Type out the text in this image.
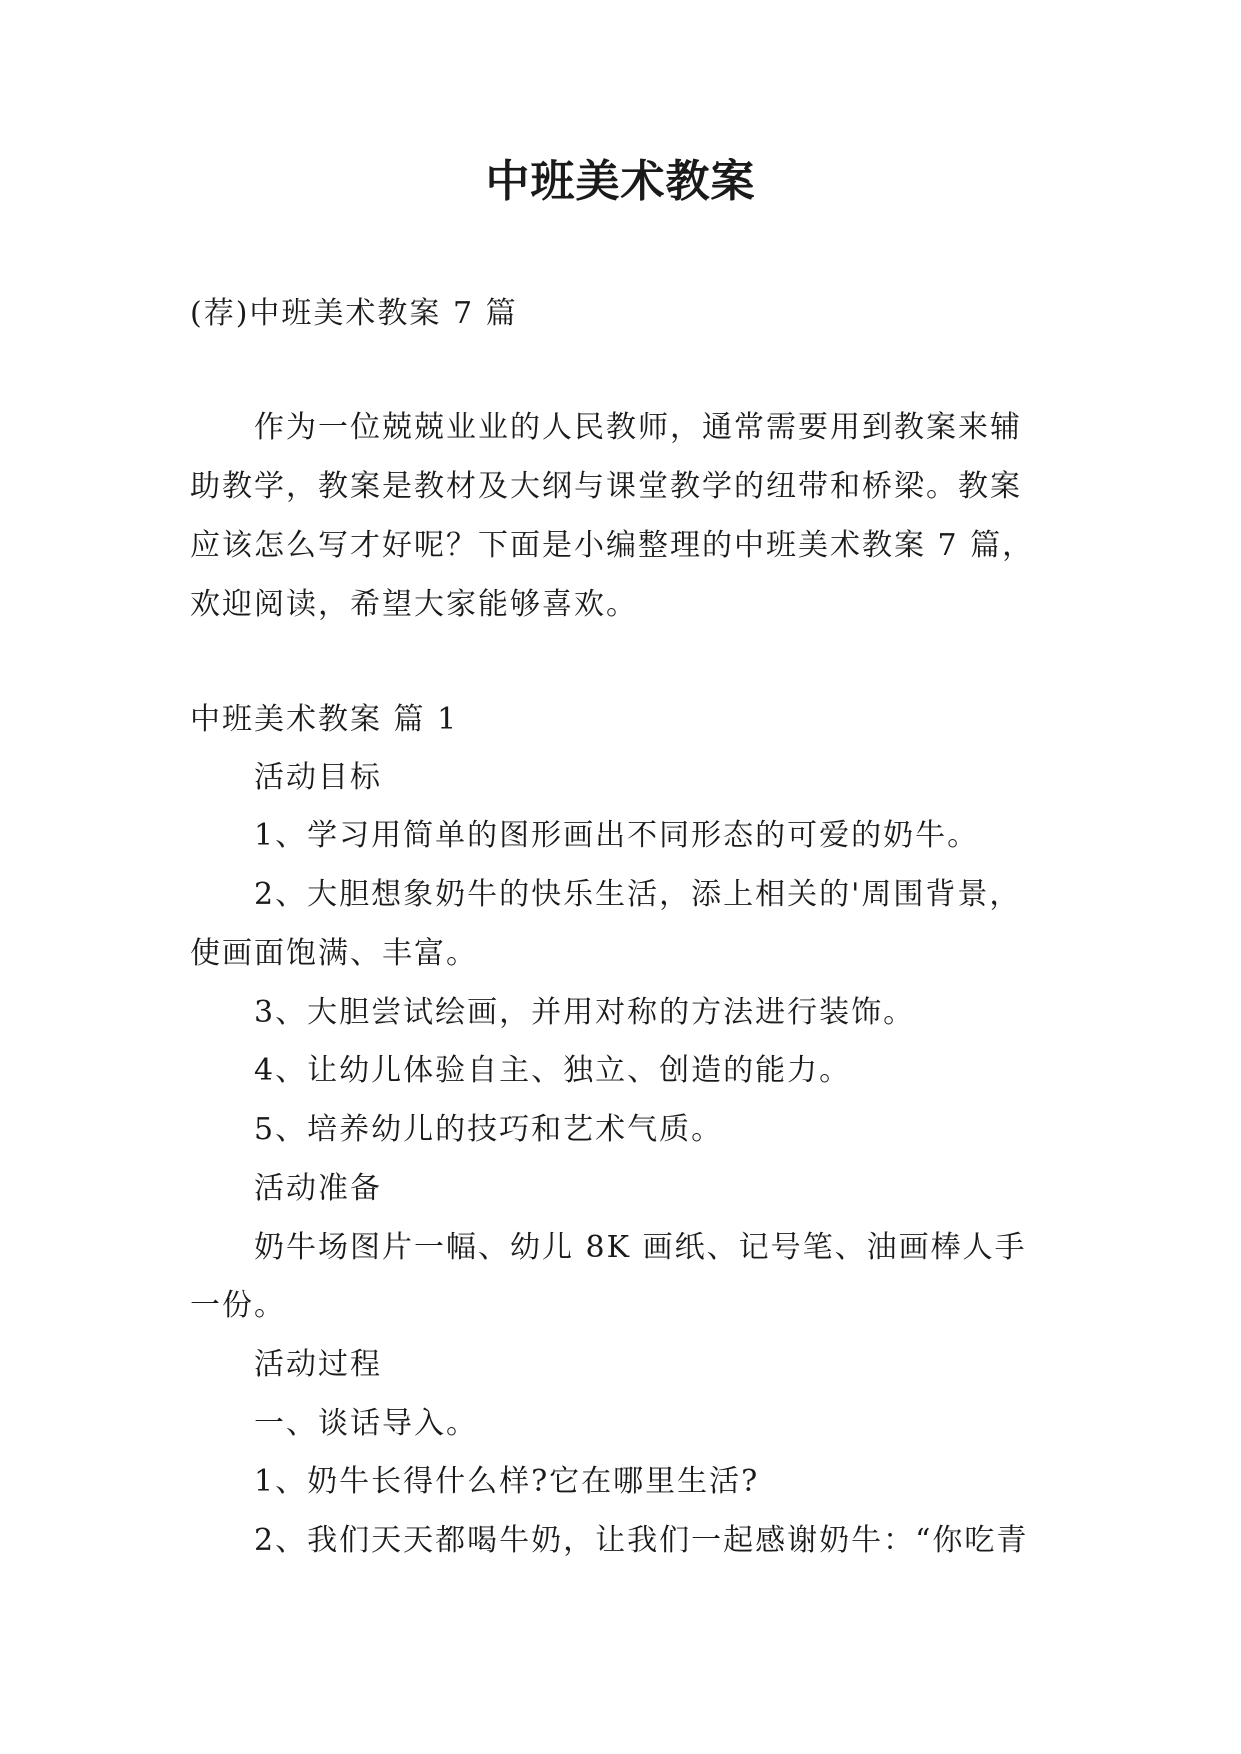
中班美术教案
(荐)中班美术教案 7 篇
作为一位兢兢业业的人民教师，通常需要用到教案来辅
助教学，教案是教材及大纲与课堂教学的纽带和桥梁。教案
应该怎么写才好呢？下面是小编整理的中班美术教案 7 篇，
欢迎阅读，希望大家能够喜欢。
中班美术教案 篇 1
活动目标
1、学习用简单的图形画出不同形态的可爱的奶牛。
2、大胆想象奶牛的快乐生活，添上相关的'周围背景，
使画面饱满、丰富。
3、大胆尝试绘画，并用对称的方法进行装饰。
4、让幼儿体验自主、独立、创造的能力。
5、培养幼儿的技巧和艺术气质。
活动准备
奶牛场图片一幅、幼儿 8K 画纸、记号笔、油画棒人手
一份。
活动过程
一、谈话导入。
1、奶牛长得什么样?它在哪里生活?
2、我们天天都喝牛奶，让我们一起感谢奶牛：“你吃青
